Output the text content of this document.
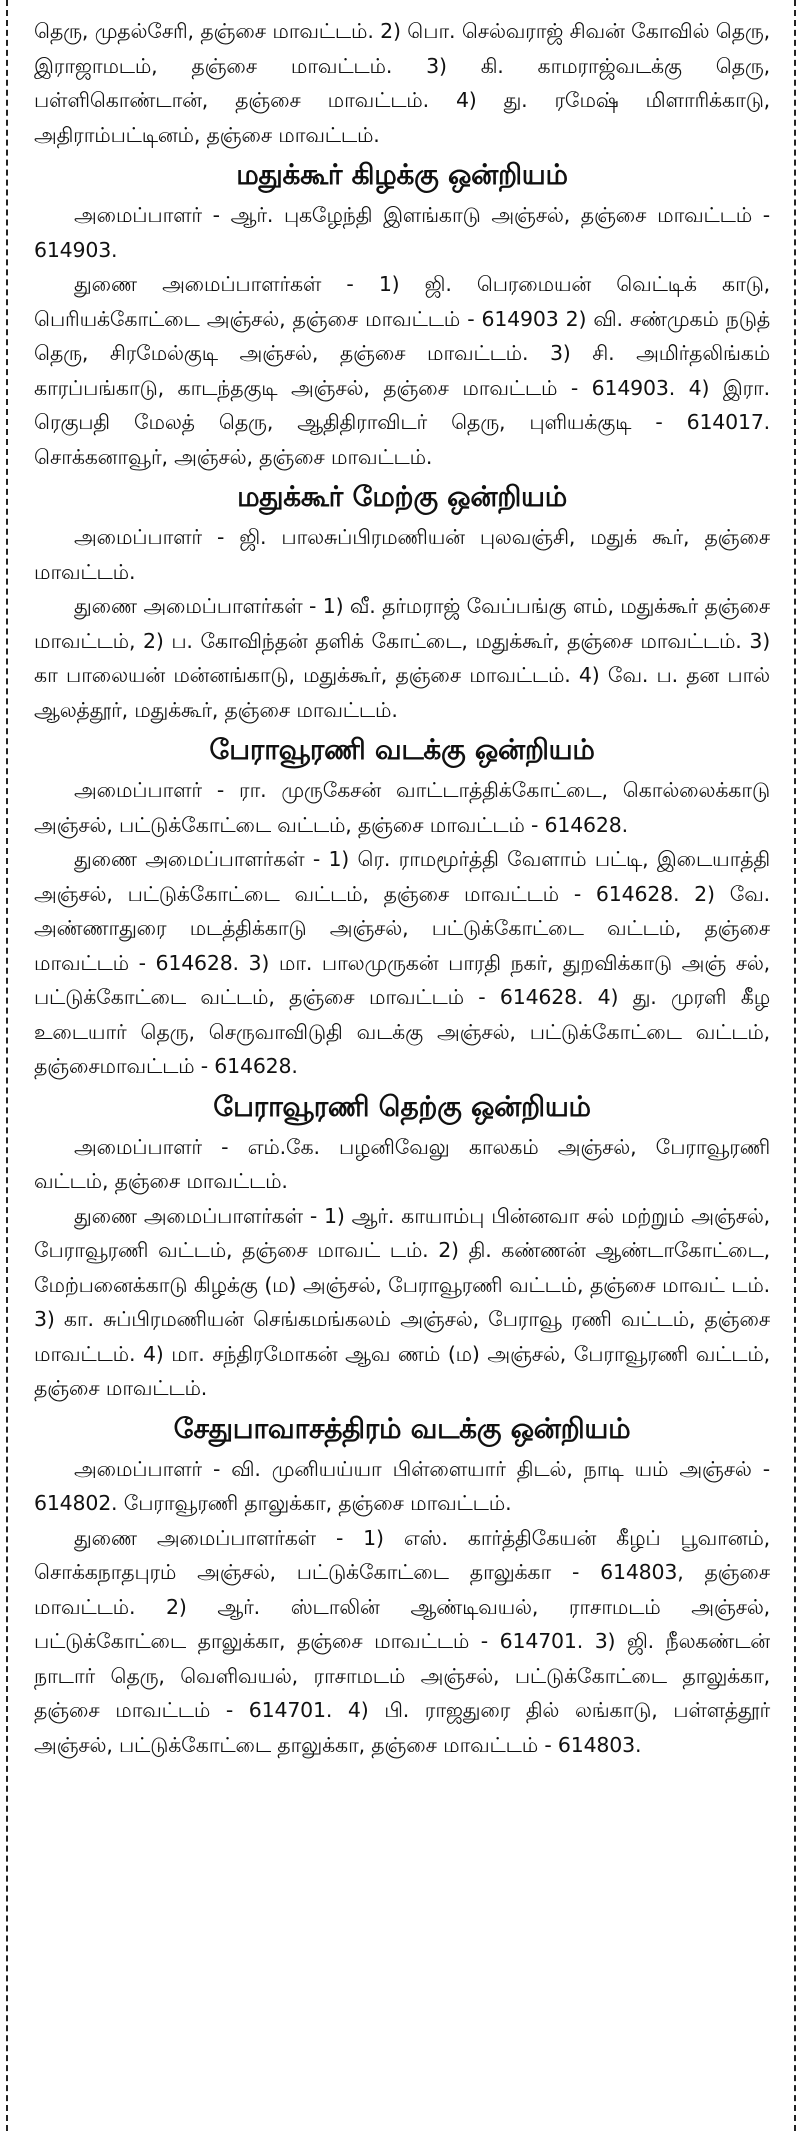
தெரு, முதல்சேரி, தஞ்சை மாவட்டம். 2) பொ. செல்வராஜ் சிவன் கோவில் தெரு, இராஜாமடம், தஞ்சை மாவட்டம். 3) கி. காமராஜ்வடக்கு தெரு, பள்ளிகொண்டான், தஞ்சை மாவட்டம். 4) து. ரமேஷ் மிளாரிக்காடு, அதிராம்பட்டினம், தஞ்சை மாவட்டம்.

மதுக்கூர் கிழக்கு ஒன்றியம்

அமைப்பாளர் - ஆர். புகழேந்தி இளங்காடு அஞ்சல், தஞ்சை மாவட்டம் - 614903.

துணை அமைப்பாளர்கள் - 1) ஜி. பெரமையன் வெட்டிக் காடு, பெரியக்கோட்டை அஞ்சல், தஞ்சை மாவட்டம் - 614903 2) வி. சண்முகம் நடுத் தெரு, சிரமேல்குடி அஞ்சல், தஞ்சை மாவட்டம். 3) சி. அமிர்தலிங்கம் காரப்பங்காடு, காடந்தகுடி அஞ்சல், தஞ்சை மாவட்டம் - 614903. 4) இரா. ரெகுபதி மேலத் தெரு, ஆதிதிராவிடர் தெரு, புளியக்குடி - 614017. சொக்கனாவூர், அஞ்சல், தஞ்சை மாவட்டம்.

மதுக்கூர் மேற்கு ஒன்றியம்

அமைப்பாளர் - ஜி. பாலசுப்பிரமணியன் புலவஞ்சி, மதுக் கூர், தஞ்சை மாவட்டம்.

துணை அமைப்பாளர்கள் - 1) வீ. தர்மராஜ் வேப்பங்கு ளம், மதுக்கூர் தஞ்சை மாவட்டம், 2) ப. கோவிந்தன் தளிக் கோட்டை, மதுக்கூர், தஞ்சை மாவட்டம். 3) கா பாலையன் மன்னங்காடு, மதுக்கூர், தஞ்சை மாவட்டம். 4) வே. ப. தன பால் ஆலத்தூர், மதுக்கூர், தஞ்சை மாவட்டம்.

பேராவூரணி வடக்கு ஒன்றியம்

அமைப்பாளர் - ரா. முருகேசன் வாட்டாத்திக்கோட்டை, கொல்லைக்காடு அஞ்சல், பட்டுக்கோட்டை வட்டம், தஞ்சை மாவட்டம் - 614628.

துணை அமைப்பாளர்கள் - 1) ரெ. ராமமூர்த்தி வேளாம் பட்டி, இடையாத்தி அஞ்சல், பட்டுக்கோட்டை வட்டம், தஞ்சை மாவட்டம் - 614628. 2) வே. அண்ணாதுரை மடத்திக்காடு அஞ்சல், பட்டுக்கோட்டை வட்டம், தஞ்சை மாவட்டம் - 614628. 3) மா. பாலமுருகன் பாரதி நகர், துறவிக்காடு அஞ் சல், பட்டுக்கோட்டை வட்டம், தஞ்சை மாவட்டம் - 614628. 4) து. முரளி கீழ உடையார் தெரு, செருவாவிடுதி வடக்கு அஞ்சல், பட்டுக்கோட்டை வட்டம், தஞ்சைமாவட்டம் - 614628.

பேராவூரணி தெற்கு ஒன்றியம்

அமைப்பாளர் - எம்.கே. பழனிவேலு காலகம் அஞ்சல், பேராவூரணி வட்டம், தஞ்சை மாவட்டம்.

துணை அமைப்பாளர்கள் - 1) ஆர். காயாம்பு பின்னவா சல் மற்றும் அஞ்சல், பேராவூரணி வட்டம், தஞ்சை மாவட் டம். 2) தி. கண்ணன் ஆண்டாகோட்டை, மேற்பனைக்காடு கிழக்கு (ம) அஞ்சல், பேராவூரணி வட்டம், தஞ்சை மாவட் டம். 3) கா. சுப்பிரமணியன் செங்கமங்கலம் அஞ்சல், பேராவூ ரணி வட்டம், தஞ்சை மாவட்டம். 4) மா. சந்திரமோகன் ஆவ ணம் (ம) அஞ்சல், பேராவூரணி வட்டம், தஞ்சை மாவட்டம்.

சேதுபாவாசத்திரம் வடக்கு ஒன்றியம்

அமைப்பாளர் - வி. முனியய்யா பிள்ளையார் திடல், நாடி யம் அஞ்சல் - 614802. பேராவூரணி தாலுக்கா, தஞ்சை மாவட்டம்.

துணை அமைப்பாளர்கள் - 1) எஸ். கார்த்திகேயன் கீழப் பூவானம், சொக்கநாதபுரம் அஞ்சல், பட்டுக்கோட்டை தாலுக்கா - 614803, தஞ்சை மாவட்டம். 2) ஆர். ஸ்டாலின் ஆண்டிவயல், ராசாமடம் அஞ்சல், பட்டுக்கோட்டை தாலுக்கா, தஞ்சை மாவட்டம் - 614701. 3) ஜி. நீலகண்டன் நாடார் தெரு, வெளிவயல், ராசாமடம் அஞ்சல், பட்டுக்கோட்டை தாலுக்கா, தஞ்சை மாவட்டம் - 614701. 4) பி. ராஜதுரை தில் லங்காடு, பள்ளத்தூர் அஞ்சல், பட்டுக்கோட்டை தாலுக்கா, தஞ்சை மாவட்டம் - 614803.
